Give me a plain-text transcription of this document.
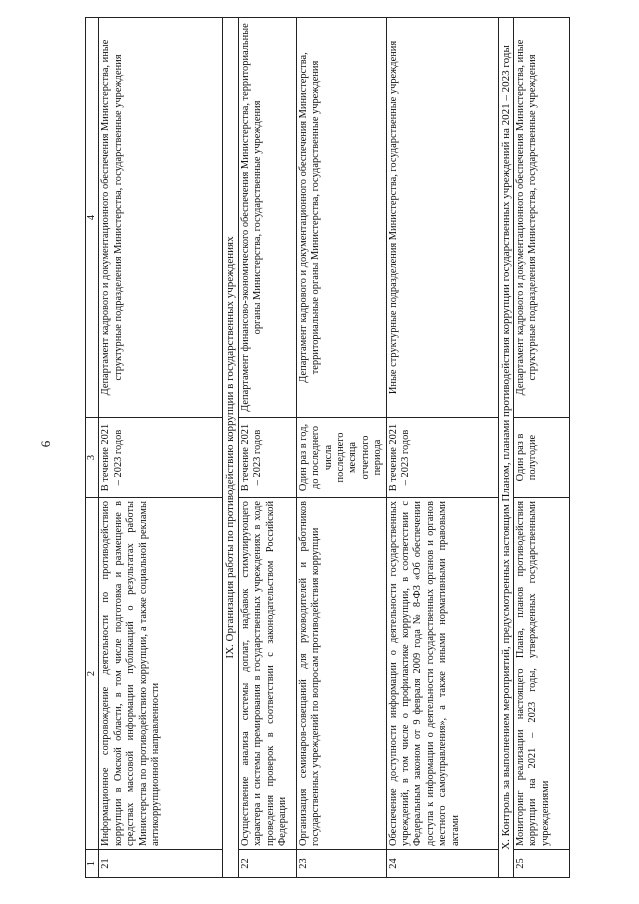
6
1	2	3	4
21	Информационное сопровождение деятельности по противодействию коррупции в Омской области, в том числе подготовка и размещение в средствах массовой информации публикаций о результатах работы Министерства по противодействию коррупции, а также социальной рекламы антикоррупционной направленности	В течение 2021 – 2023 годов	Департамент кадрового и документационного обеспечения Министерства, иные структурные подразделения Министерства, государственные учреждения
IX. Организация работы по противодействию коррупции в государственных учреждениях			
22	Осуществление анализа системы доплат, надбавок стимулирующего характера и системы премирования в государственных учреждениях в ходе проведения проверок в соответствии с законодательством Российской Федерации	В течение 2021 – 2023 годов	Департамент финансово-экономического обеспечения Министерства, территориальные органы Министерства, государственные учреждения
23	Организация семинаров-совещаний для руководителей и работников государственных учреждений по вопросам противодействия коррупции	Один раз в год, до последнего числа последнего месяца отчетного периода	Департамент кадрового и документационного обеспечения Министерства, территориальные органы Министерства, государственные учреждения
24	Обеспечение доступности информации о деятельности государственных учреждений, в том числе о профилактике коррупции, в соответствии с Федеральным законом от 9 февраля 2009 года № 8-ФЗ «Об обеспечении доступа к информации о деятельности государственных органов и органов местного самоуправления», а также иными нормативными правовыми актами	В течение 2021 – 2023 годов	Иные структурные подразделения Министерства, государственные учреждения
X. Контроль за выполнением мероприятий, предусмотренных настоящим Планом, планами противодействия коррупции государственных учреждений на 2021 – 2023 годы			
25	Мониторинг реализации настоящего Плана, планов противодействия коррупции на 2021 – 2023 годы, утвержденных государственными учреждениями	Один раз в полугодие	Департамент кадрового и документационного обеспечения Министерства, иные структурные подразделения Министерства, государственные учреждения
